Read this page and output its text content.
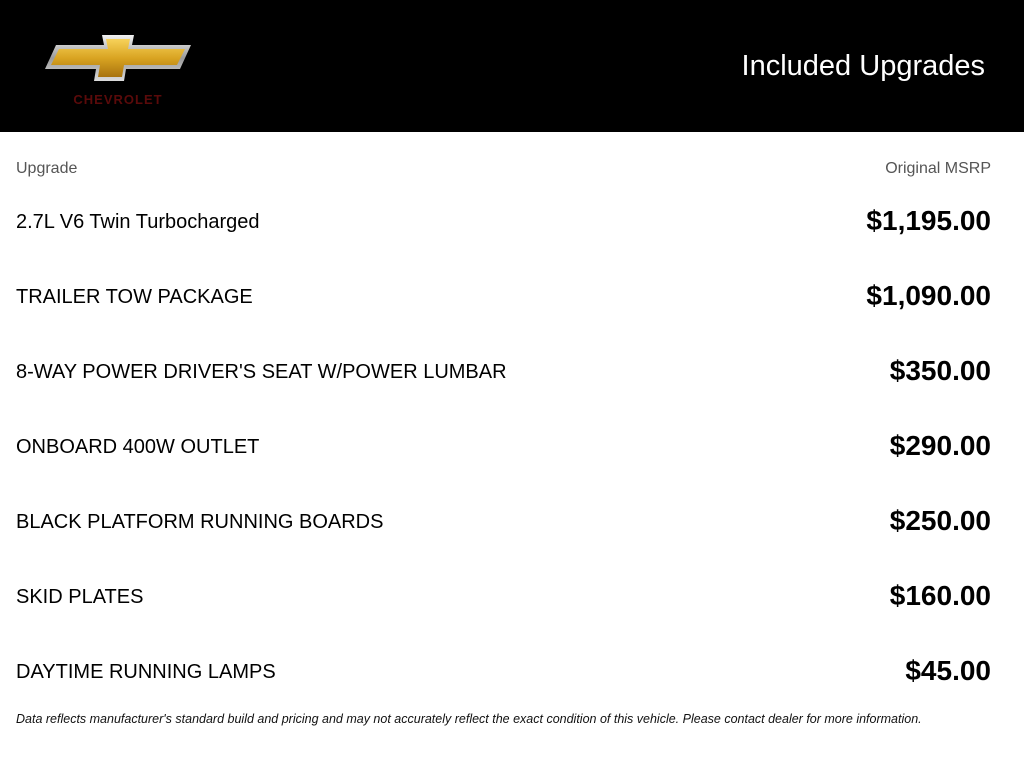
CHEVROLET
Included Upgrades
Upgrade	Original MSRP
2.7L V6 Twin Turbocharged	$1,195.00
TRAILER TOW PACKAGE	$1,090.00
8-WAY POWER DRIVER'S SEAT W/POWER LUMBAR	$350.00
ONBOARD 400W OUTLET	$290.00
BLACK PLATFORM RUNNING BOARDS	$250.00
SKID PLATES	$160.00
DAYTIME RUNNING LAMPS	$45.00
Data reflects manufacturer's standard build and pricing and may not accurately reflect the exact condition of this vehicle. Please contact dealer for more information.
